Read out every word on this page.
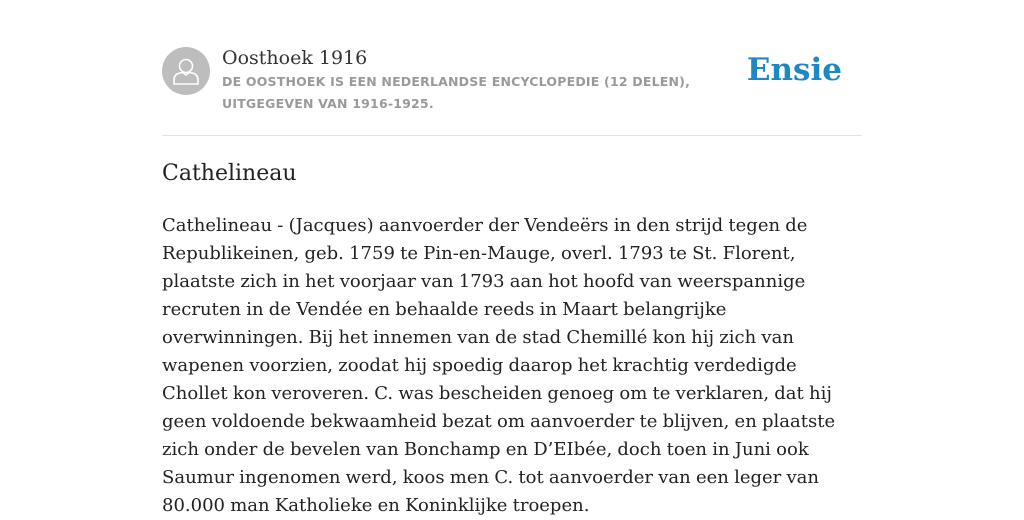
Oosthoek 1916
DE OOSTHOEK IS EEN NEDERLANDSE ENCYCLOPEDIE (12 DELEN), UITGEGEVEN VAN 1916-1925.
Ensie
Cathelineau
Cathelineau - (Jacques) aanvoerder der Vendeërs in den strijd tegen de Republikeinen, geb. 1759 te Pin-en-Mauge, overl. 1793 te St. Florent, plaatste zich in het voorjaar van 1793 aan hot hoofd van weerspannige recruten in de Vendée en behaalde reeds in Maart belangrijke overwinningen. Bij het innemen van de stad Chemillé kon hij zich van wapenen voorzien, zoodat hij spoedig daarop het krachtig verdedigde Chollet kon veroveren. C. was bescheiden genoeg om te verklaren, dat hij geen voldoende bekwaamheid bezat om aanvoerder te blijven, en plaatste zich onder de bevelen van Bonchamp en D’EIbée, doch toen in Juni ook Saumur ingenomen werd, koos men C. tot aanvoerder van een leger van 80.000 man Katholieke en Koninklijke troepen.
